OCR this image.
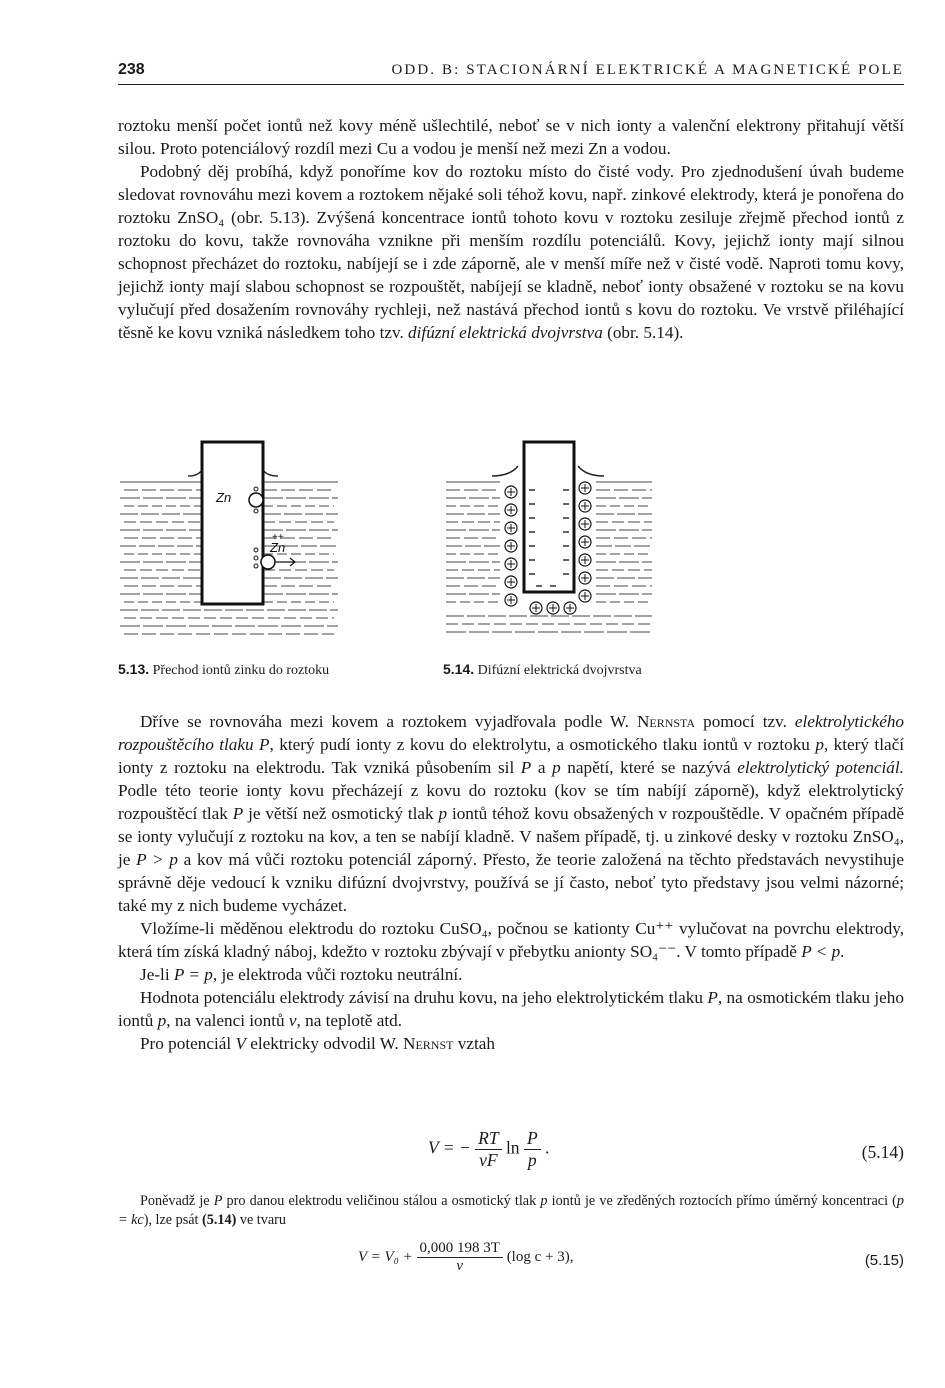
238	ODD. B: STACIONÁRNÍ ELEKTRICKÉ A MAGNETICKÉ POLE

roztoku menší počet iontů než kovy méně ušlechtilé, neboť se v nich ionty a valenční elektrony přitahují větší silou. Proto potenciálový rozdíl mezi Cu a vodou je menší než mezi Zn a vodou.

Podobný děj probíhá, když ponoříme kov do roztoku místo do čisté vody. Pro zjednodušení úvah budeme sledovat rovnováhu mezi kovem a roztokem nějaké soli téhož kovu, např. zinkové elektrody, která je ponořena do roztoku ZnSO₄ (obr. 5.13). Zvýšená koncentrace iontů tohoto kovu v roztoku zesiluje zřejmě přechod iontů z roztoku do kovu, takže rovnováha vznikne při menším rozdílu potenciálů. Kovy, jejichž ionty mají silnou schopnost přecházet do roztoku, nabíjejí se i zde záporně, ale v menší míře než v čisté vodě. Naproti tomu kovy, jejichž ionty mají slabou schopnost se rozpouštět, nabíjejí se kladně, neboť ionty obsažené v roztoku se na kovu vylučují před dosažením rovnováhy rychleji, než nastává přechod iontů s kovu do roztoku. Ve vrstvě přiléhající těsně ke kovu vzniká následkem toho tzv. difúzní elektrická dvojvrstva (obr. 5.14).

Zn
Zn
++
5.13. Přechod iontů zinku do roztoku	5.14. Difúzní elektrická dvojvrstva

Dříve se rovnováha mezi kovem a roztokem vyjadřovala podle W. Nernsta pomocí tzv. elektrolytického rozpouštěcího tlaku P, který pudí ionty z kovu do elektrolytu, a osmotického tlaku iontů v roztoku p, který tlačí ionty z roztoku na elektrodu. Tak vzniká působením sil P a p napětí, které se nazývá elektrolytický potenciál. Podle této teorie ionty kovu přecházejí z kovu do roztoku (kov se tím nabíjí záporně), když elektrolytický rozpouštěcí tlak P je větší než osmotický tlak p iontů téhož kovu obsažených v rozpouštědle. V opačném případě se ionty vylučují z roztoku na kov, a ten se nabíjí kladně. V našem případě, tj. u zinkové desky v roztoku ZnSO₄, je P > p a kov má vůči roztoku potenciál záporný. Přesto, že teorie založená na těchto představách nevystihuje správně děje vedoucí k vzniku difúzní dvojvrstvy, používá se jí často, neboť tyto představy jsou velmi názorné; také my z nich budeme vycházet.

Vložíme-li měděnou elektrodu do roztoku CuSO₄, počnou se kationty Cu⁺⁺ vylučovat na povrchu elektrody, která tím získá kladný náboj, kdežto v roztoku zbývají v přebytku anionty SO₄⁻⁻. V tomto případě P < p.

Je-li P = p, je elektroda vůči roztoku neutrální.

Hodnota potenciálu elektrody závisí na druhu kovu, na jeho elektrolytickém tlaku P, na osmotickém tlaku jeho iontů p, na valenci iontů v, na teplotě atd.

Pro potenciál V elektricky odvodil W. Nernst vztah

V = − $\frac{RT}{vF}$ $\ln \frac{P}{p}$ .	(5.14)

Poněvadž je P pro danou elektrodu veličinou stálou a osmotický tlak p iontů je ve zředěných roztocích přímo úměrný koncentraci (p = kc), lze psát (5.14) ve tvaru

$V = V_0 + \frac{0,000 198 3T}{v} (\log$ c + 3),	(5.15)
